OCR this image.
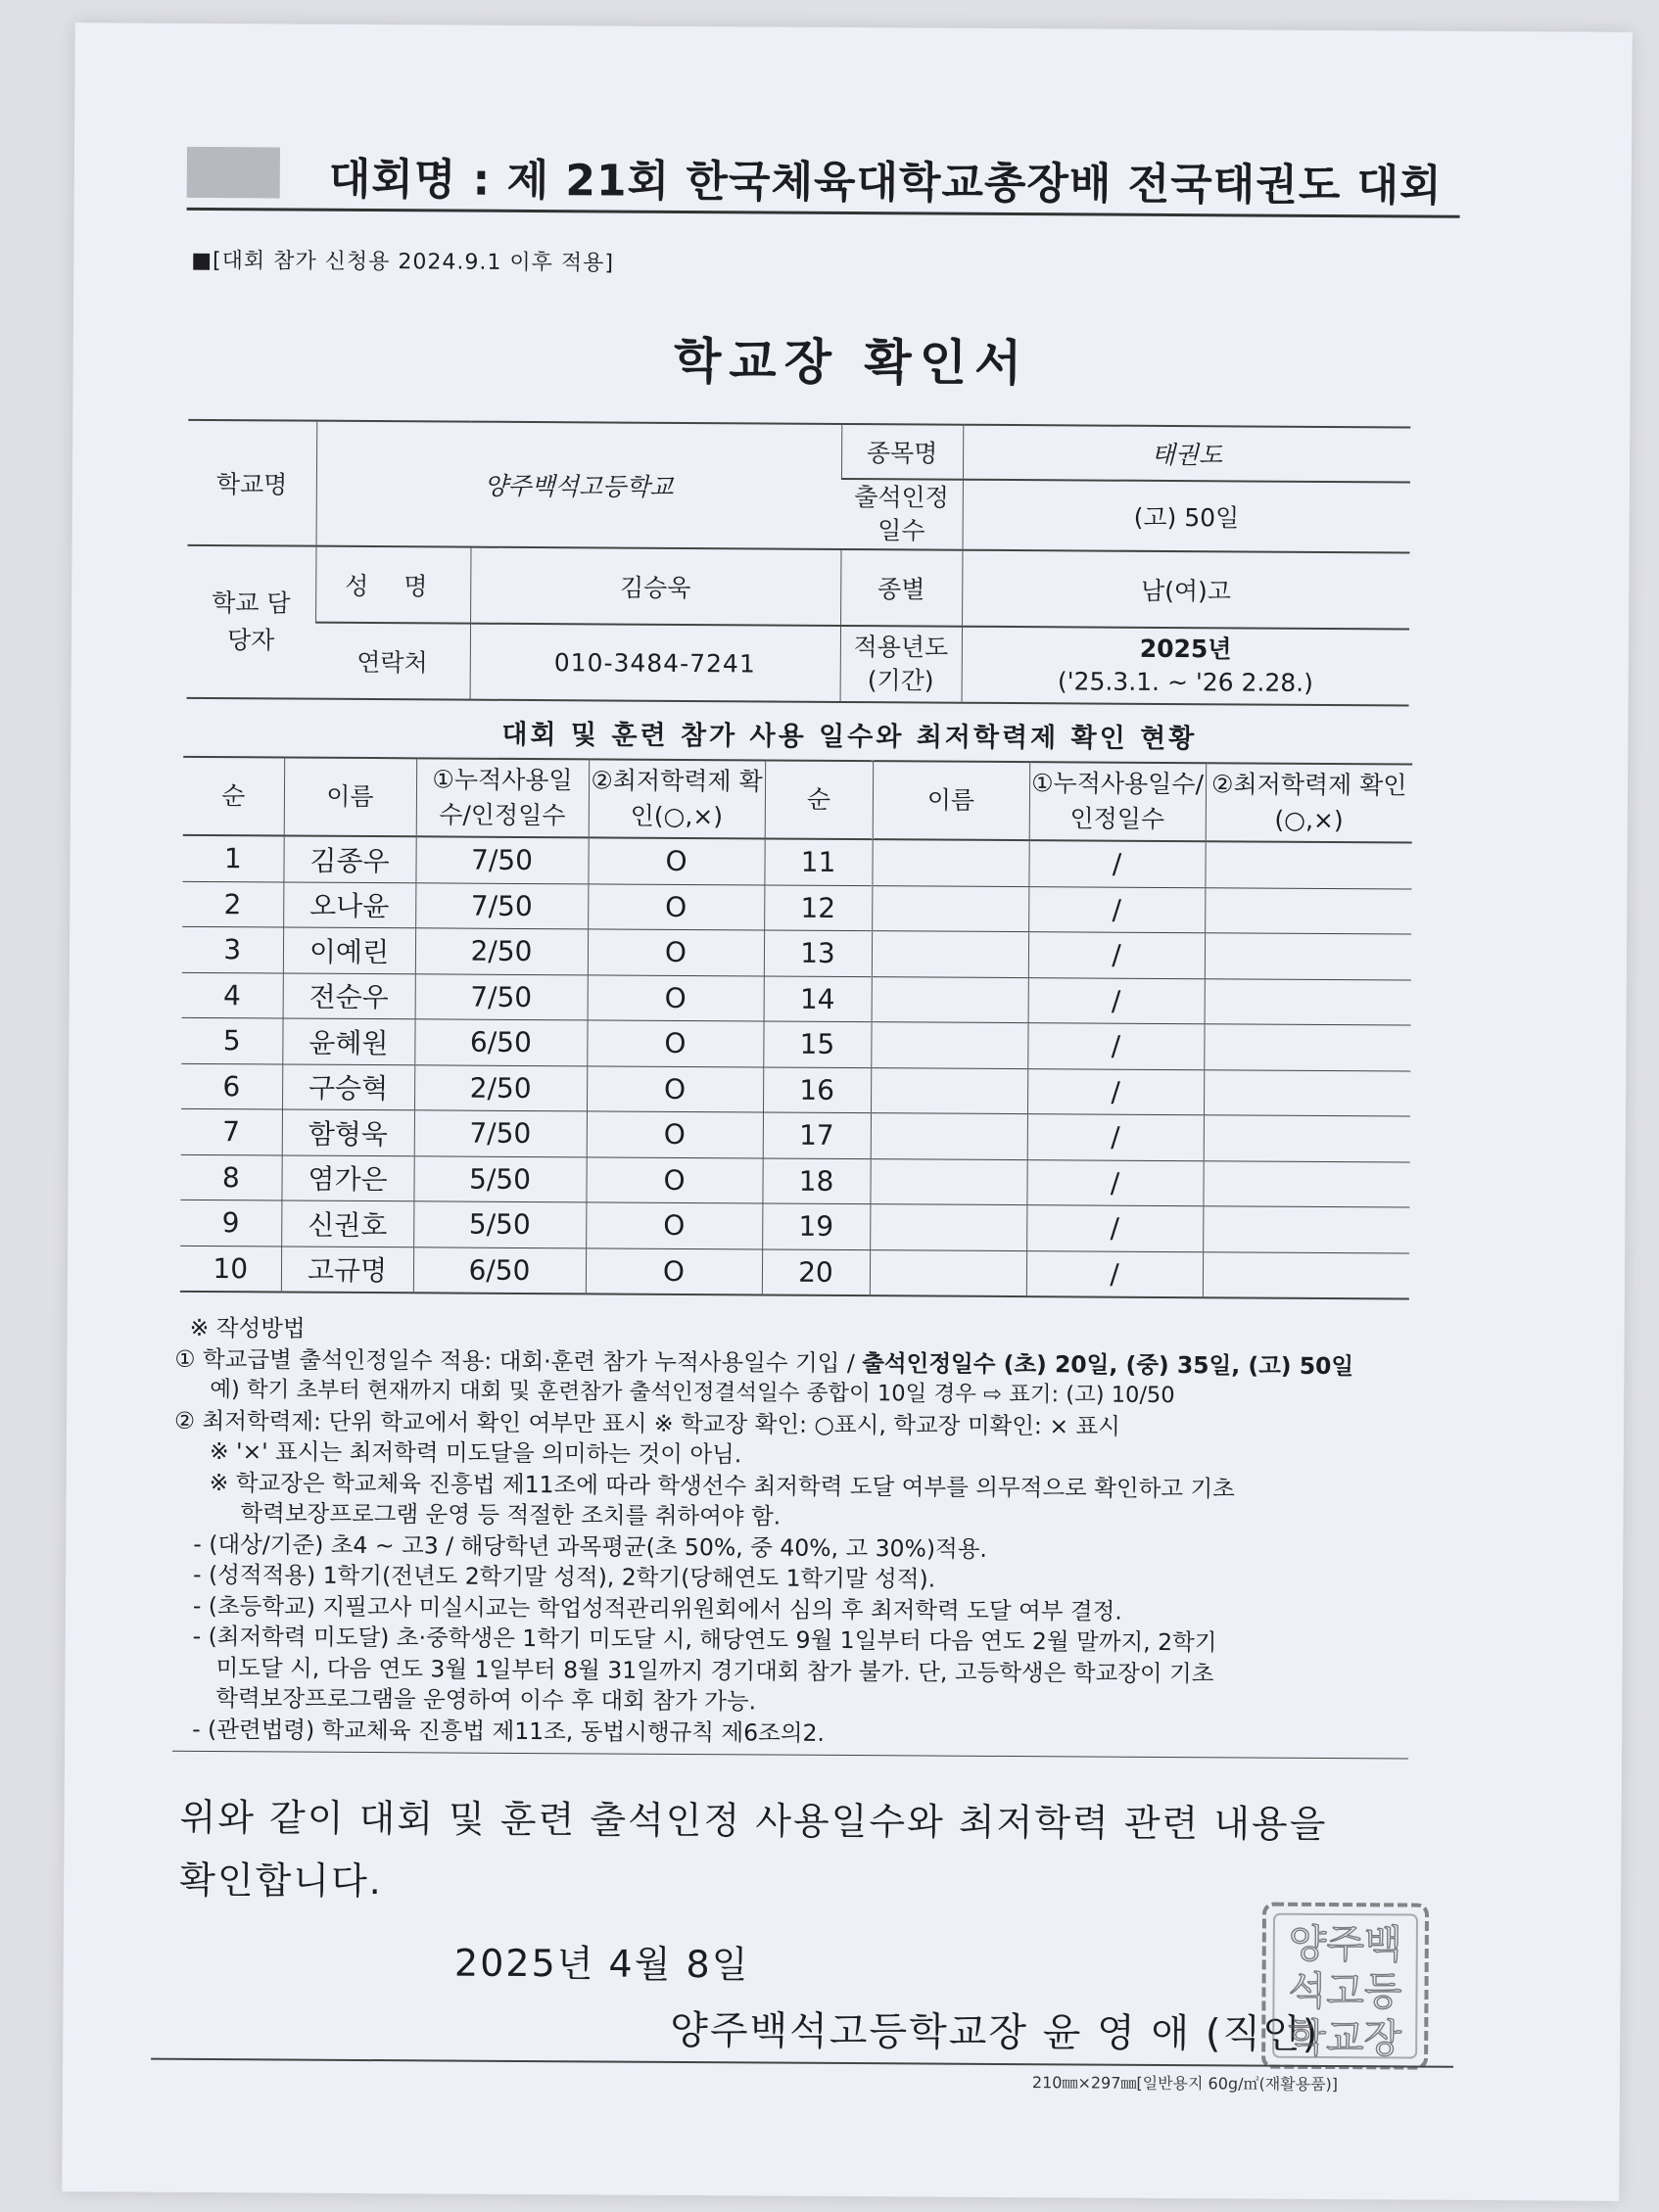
대회명 : 제 21회 한국체육대학교총장배 전국태권도 대회
■[대회 참가 신청용 2024.9.1 이후 적용]
학교장 확인서
학교명	양주백석고등학교		종목명	태권도
			출석인정 일수	(고) 50일
학교 담당자	성 명	김승욱	종별	남(여)고
	연락처	010-3484-7241	적용년도 (기간)	2025년
('25.3.1. ~ '26 2.28.)
대회 및 훈련 참가 사용 일수와 최저학력제 확인 현황
순	이름	①누적사용일수/인정일수	②최저학력제 확인(○,×)	순	이름	①누적사용일수/인정일수	②최저학력제 확인(○,×)
1	김종우	7/50	O	11		/	
2	오나윤	7/50	O	12		/	
3	이예린	2/50	O	13		/	
4	전순우	7/50	O	14		/	
5	윤혜원	6/50	O	15		/	
6	구승혁	2/50	O	16		/	
7	함형욱	7/50	O	17		/	
8	염가은	5/50	O	18		/	
9	신권호	5/50	O	19		/	
10	고규명	6/50	O	20		/	
※ 작성방법
① 학교급별 출석인정일수 적용: 대회·훈련 참가 누적사용일수 기입 / 출석인정일수 (초) 20일, (중) 35일, (고) 50일
예) 학기 초부터 현재까지 대회 및 훈련참가 출석인정결석일수 종합이 10일 경우 ⇨ 표기: (고) 10/50
② 최저학력제: 단위 학교에서 확인 여부만 표시 ※ 학교장 확인: ○표시, 학교장 미확인: × 표시
※ '×' 표시는 최저학력 미도달을 의미하는 것이 아님.
※ 학교장은 학교체육 진흥법 제11조에 따라 학생선수 최저학력 도달 여부를 의무적으로 확인하고 기초
학력보장프로그램 운영 등 적절한 조치를 취하여야 함.
- (대상/기준) 초4 ~ 고3 / 해당학년 과목평균(초 50%, 중 40%, 고 30%)적용.
- (성적적용) 1학기(전년도 2학기말 성적), 2학기(당해연도 1학기말 성적).
- (초등학교) 지필고사 미실시교는 학업성적관리위원회에서 심의 후 최저학력 도달 여부 결정.
- (최저학력 미도달) 초·중학생은 1학기 미도달 시, 해당연도 9월 1일부터 다음 연도 2월 말까지, 2학기
미도달 시, 다음 연도 3월 1일부터 8월 31일까지 경기대회 참가 불가. 단, 고등학생은 학교장이 기초
학력보장프로그램을 운영하여 이수 후 대회 참가 가능.
- (관련법령) 학교체육 진흥법 제11조, 동법시행규칙 제6조의2.
위와 같이 대회 및 훈련 출석인정 사용일수와 최저학력 관련 내용을
확인합니다.
2025년 4월 8일
양주백석고등학교장 윤 영 애 (직인)
양주백
석고등
학교장
210㎜×297㎜[일반용지 60g/㎡(재활용품)]
